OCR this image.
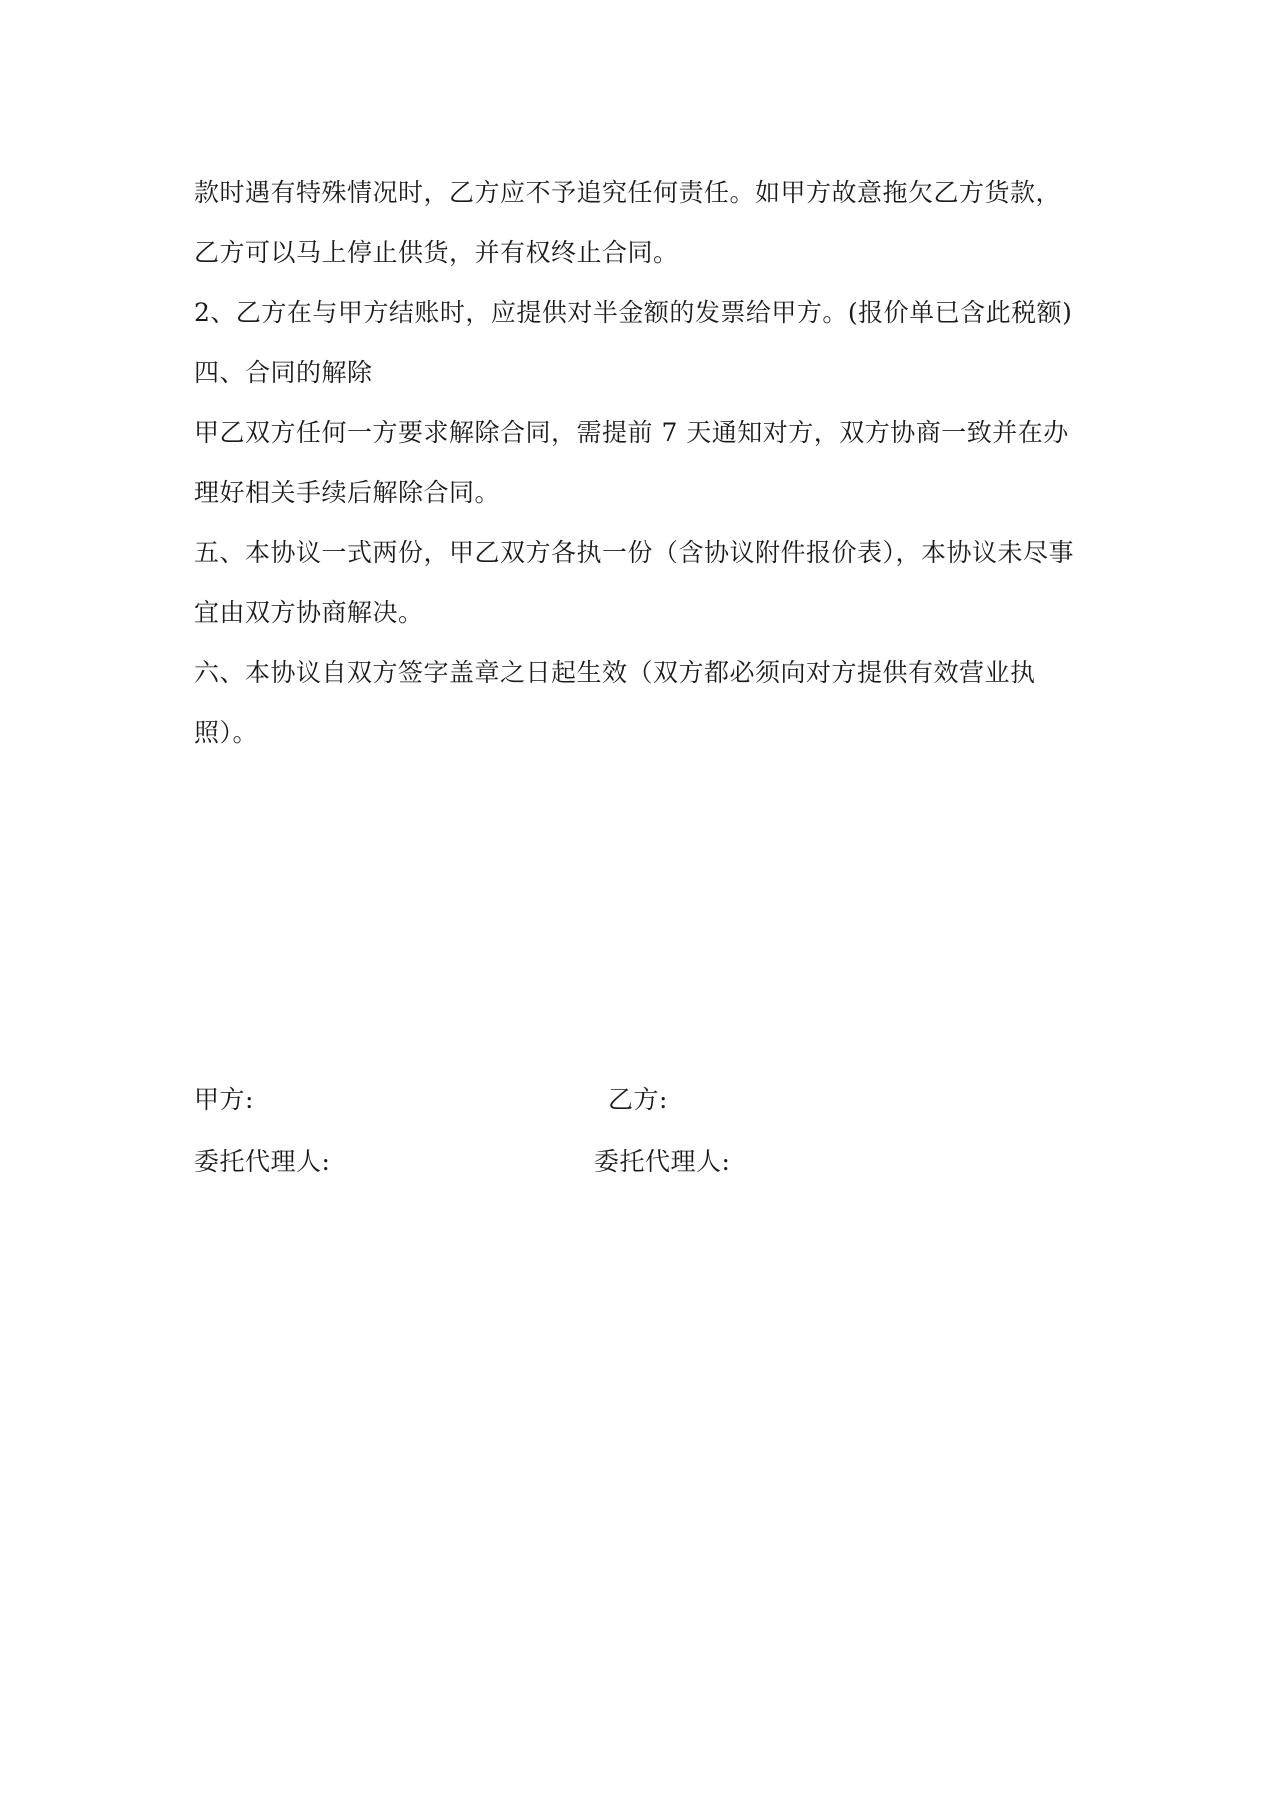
款时遇有特殊情况时，乙方应不予追究任何责任。如甲方故意拖欠乙方货款，
乙方可以马上停止供货，并有权终止合同。
2、乙方在与甲方结账时，应提供对半金额的发票给甲方。(报价单已含此税额)
四、合同的解除
甲乙双方任何一方要求解除合同，需提前 7 天通知对方，双方协商一致并在办
理好相关手续后解除合同。
五、本协议一式两份，甲乙双方各执一份（含协议附件报价表），本协议未尽事
宜由双方协商解决。
六、本协议自双方签字盖章之日起生效（双方都必须向对方提供有效营业执
照）。
甲方:	乙方:
委托代理人:	委托代理人:
